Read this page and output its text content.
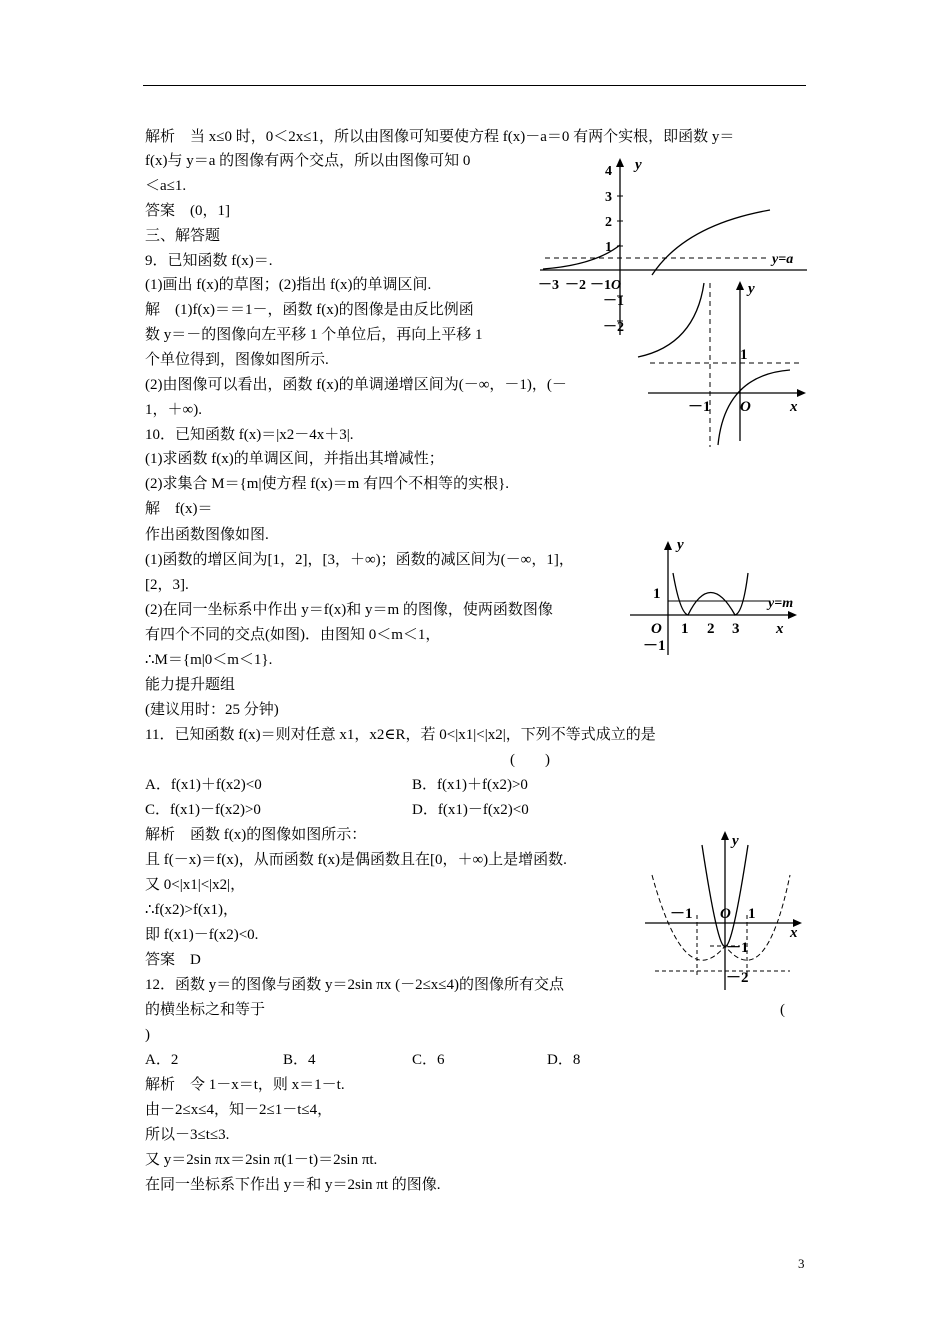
解析　当 x≤0 时，0＜2x≤1，所以由图像可知要使方程 f(x)－a＝0 有两个实根，即函数 y＝
f(x)与 y＝a 的图像有两个交点，所以由图像可知 0
＜a≤1.
答案　(0，1]
三、解答题
9．已知函数 f(x)＝.
(1)画出 f(x)的草图；(2)指出 f(x)的单调区间.
解　(1)f(x)＝＝1－，函数 f(x)的图像是由反比例函
数 y＝－的图像向左平移 1 个单位后，再向上平移 1
个单位得到，图像如图所示.
(2)由图像可以看出，函数 f(x)的单调递增区间为(－∞，－1)，(－
1，＋∞).
10．已知函数 f(x)＝|x2－4x＋3|.
(1)求函数 f(x)的单调区间，并指出其增减性；
(2)求集合 M＝{m|使方程 f(x)＝m 有四个不相等的实根}.
解　f(x)＝
作出函数图像如图.
(1)函数的增区间为[1，2]，[3，＋∞)；函数的减区间为(－∞，1]，
[2，3].
(2)在同一坐标系中作出 y＝f(x)和 y＝m 的图像，使两函数图像
有四个不同的交点(如图)．由图知 0＜m＜1，
∴M＝{m|0＜m＜1}.
能力提升题组
(建议用时：25 分钟)
11．已知函数 f(x)＝则对任意 x1，x2∈R，若 0<|x1|<|x2|，下列不等式成立的是
(　　)
A．f(x1)＋f(x2)<0	B．f(x1)＋f(x2)>0
C．f(x1)－f(x2)>0	D．f(x1)－f(x2)<0
解析　函数 f(x)的图像如图所示：
且 f(－x)＝f(x)，从而函数 f(x)是偶函数且在[0，＋∞)上是增函数.
又 0<|x1|<|x2|，
∴f(x2)>f(x1)，
即 f(x1)－f(x2)<0.
答案　D
12．函数 y＝的图像与函数 y＝2sin πx (－2≤x≤4)的图像所有交点
的横坐标之和等于	(
)
A．2	B．4	C．6	D．8
解析　令 1－x＝t，则 x＝1－t.
由－2≤x≤4，知－2≤1－t≤4，
所以－3≤t≤3.
又 y＝2sin πx＝2sin π(1－t)＝2sin πt.
在同一坐标系下作出 y＝和 y＝2sin πt 的图像.
y
4
3
2
1
－1
－2
－3 －2 －1 O
y=a
y
x
1
－1 O
y
x
1
－1
O 1 2 3
y=m
y
x
－1	1
O
－1
－2
3
